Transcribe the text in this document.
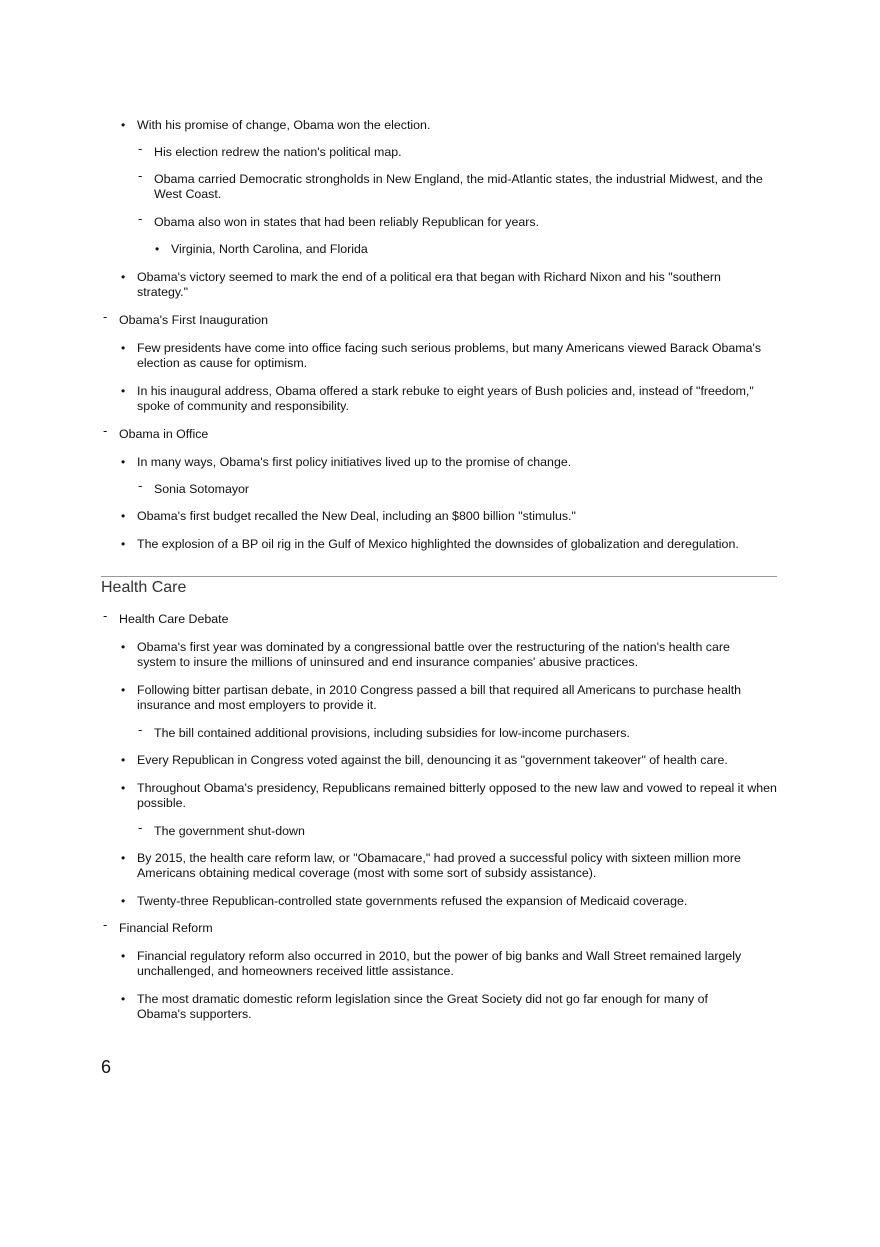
• With his promise of change, Obama won the election.
- His election redrew the nation's political map.
- Obama carried Democratic strongholds in New England, the mid-Atlantic states, the industrial Midwest, and the West Coast.
- Obama also won in states that had been reliably Republican for years.
• Virginia, North Carolina, and Florida
• Obama's victory seemed to mark the end of a political era that began with Richard Nixon and his "southern strategy."
- Obama's First Inauguration
• Few presidents have come into office facing such serious problems, but many Americans viewed Barack Obama's election as cause for optimism.
• In his inaugural address, Obama offered a stark rebuke to eight years of Bush policies and, instead of "freedom," spoke of community and responsibility.
- Obama in Office
• In many ways, Obama's first policy initiatives lived up to the promise of change.
- Sonia Sotomayor
• Obama's first budget recalled the New Deal, including an $800 billion "stimulus."
• The explosion of a BP oil rig in the Gulf of Mexico highlighted the downsides of globalization and deregulation.
Health Care
- Health Care Debate
• Obama's first year was dominated by a congressional battle over the restructuring of the nation's health care system to insure the millions of uninsured and end insurance companies' abusive practices.
• Following bitter partisan debate, in 2010 Congress passed a bill that required all Americans to purchase health insurance and most employers to provide it.
- The bill contained additional provisions, including subsidies for low-income purchasers.
• Every Republican in Congress voted against the bill, denouncing it as "government takeover" of health care.
• Throughout Obama's presidency, Republicans remained bitterly opposed to the new law and vowed to repeal it when possible.
- The government shut-down
• By 2015, the health care reform law, or "Obamacare," had proved a successful policy with sixteen million more Americans obtaining medical coverage (most with some sort of subsidy assistance).
• Twenty-three Republican-controlled state governments refused the expansion of Medicaid coverage.
- Financial Reform
• Financial regulatory reform also occurred in 2010, but the power of big banks and Wall Street remained largely unchallenged, and homeowners received little assistance.
• The most dramatic domestic reform legislation since the Great Society did not go far enough for many of Obama's supporters.
6
